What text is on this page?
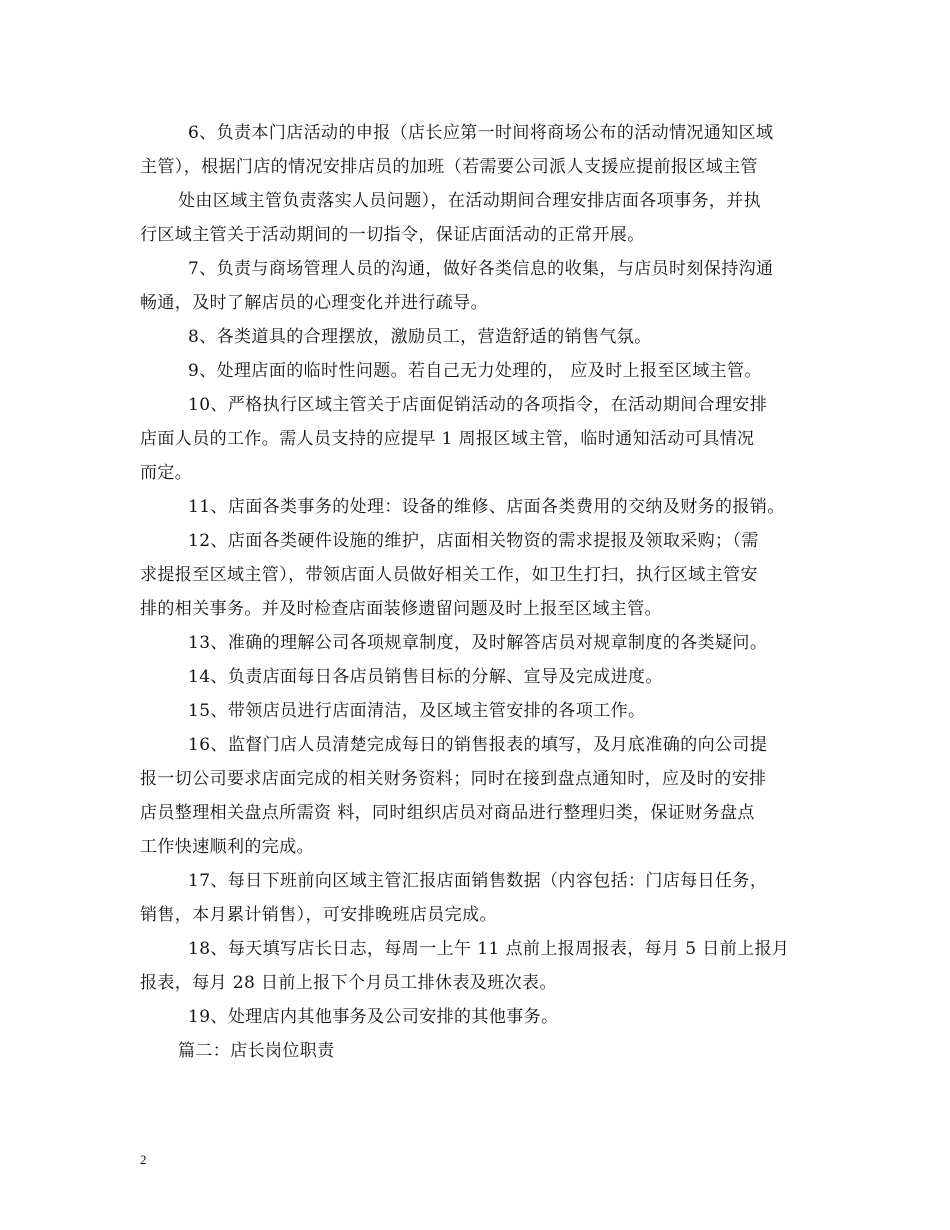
6、负责本门店活动的申报（店长应第一时间将商场公布的活动情况通知区域
主管），根据门店的情况安排店员的加班（若需要公司派人支援应提前报区域主管
处由区域主管负责落实人员问题），在活动期间合理安排店面各项事务，并执
行区域主管关于活动期间的一切指令，保证店面活动的正常开展。
7、负责与商场管理人员的沟通，做好各类信息的收集，与店员时刻保持沟通
畅通，及时了解店员的心理变化并进行疏导。
8、各类道具的合理摆放，激励员工，营造舒适的销售气氛。
9、处理店面的临时性问题。若自己无力处理的， 应及时上报至区域主管。
10、严格执行区域主管关于店面促销活动的各项指令，在活动期间合理安排
店面人员的工作。需人员支持的应提早 1 周报区域主管，临时通知活动可具情况
而定。
11、店面各类事务的处理：设备的维修、店面各类费用的交纳及财务的报销。
12、店面各类硬件设施的维护，店面相关物资的需求提报及领取采购；（需
求提报至区域主管），带领店面人员做好相关工作，如卫生打扫，执行区域主管安
排的相关事务。并及时检查店面装修遗留问题及时上报至区域主管。
13、准确的理解公司各项规章制度，及时解答店员对规章制度的各类疑问。
14、负责店面每日各店员销售目标的分解、宣导及完成进度。
15、带领店员进行店面清洁，及区域主管安排的各项工作。
16、监督门店人员清楚完成每日的销售报表的填写，及月底准确的向公司提
报一切公司要求店面完成的相关财务资料；同时在接到盘点通知时，应及时的安排
店员整理相关盘点所需资 料，同时组织店员对商品进行整理归类，保证财务盘点
工作快速顺利的完成。
17、每日下班前向区域主管汇报店面销售数据（内容包括：门店每日任务，
销售，本月累计销售），可安排晚班店员完成。
18、每天填写店长日志，每周一上午 11 点前上报周报表，每月 5 日前上报月
报表，每月 28 日前上报下个月员工排休表及班次表。
19、处理店内其他事务及公司安排的其他事务。
篇二：店长岗位职责
2
